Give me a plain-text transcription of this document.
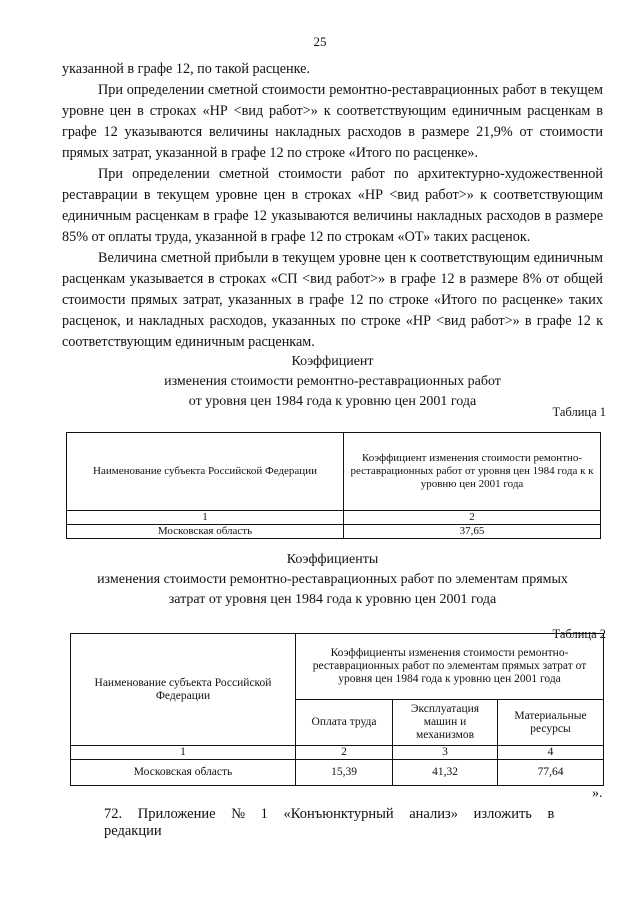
25
указанной в графе 12, по такой расценке.
При определении сметной стоимости ремонтно-реставрационных работ в текущем уровне цен в строках «НР <вид работ>» к соответствующим единичным расценкам в графе 12 указываются величины накладных расходов в размере 21,9% от стоимости прямых затрат, указанной в графе 12 по строке «Итого по расценке».
При определении сметной стоимости работ по архитектурно-художественной реставрации в текущем уровне цен в строках «НР <вид работ>» к соответствующим единичным расценкам в графе 12 указываются величины накладных расходов в размере 85% от оплаты труда, указанной в графе 12 по строкам «ОТ» таких расценок.
Величина сметной прибыли в текущем уровне цен к соответствующим единичным расценкам указывается в строках «СП <вид работ>» в графе 12 в размере 8% от общей стоимости прямых затрат, указанных в графе 12 по строке «Итого по расценке» таких расценок, и накладных расходов, указанных по строке «НР <вид работ>» в графе 12 к соответствующим единичным расценкам.
Коэффициент
изменения стоимости ремонтно-реставрационных работ
от уровня цен 1984 года к уровню цен 2001 года
Таблица 1
Наименование субъекта Российской Федерации	Коэффициент изменения стоимости ремонтно-реставрационных работ от уровня цен 1984 года к к уровню цен 2001 года
1	2
Московская область	37,65
Коэффициенты
изменения стоимости ремонтно-реставрационных работ по элементам прямых
затрат от уровня цен 1984 года к уровню цен 2001 года
Таблица 2
Наименование субъекта Российской Федерации	Коэффициенты изменения стоимости ремонтно-реставрационных работ по элементам прямых затрат от уровня цен 1984 года к уровню цен 2001 года		
	Оплата труда	Эксплуатация машин и механизмов	Материальные ресурсы
1	2	3	4
Московская область	15,39	41,32	77,64
».
72. Приложение № 1 «Конъюнктурный анализ» изложить в редакции
